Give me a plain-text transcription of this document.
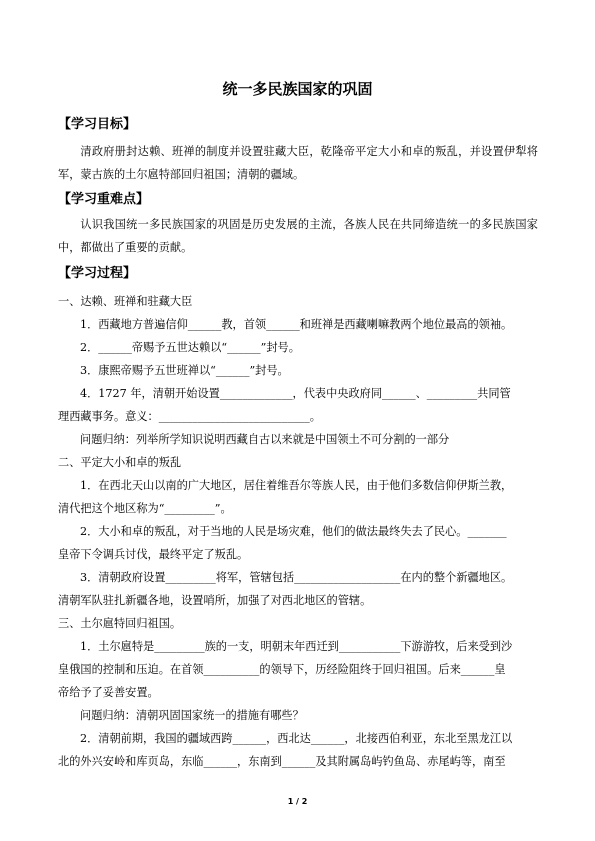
统一多民族国家的巩固
【学习目标】
清政府册封达赖、班禅的制度并设置驻藏大臣，乾隆帝平定大小和卓的叛乱，并设置伊犁将军，蒙古族的土尔扈特部回归祖国；清朝的疆域。
【学习重难点】
认识我国统一多民族国家的巩固是历史发展的主流，各族人民在共同缔造统一的多民族国家中，都做出了重要的贡献。
【学习过程】
一、达赖、班禅和驻藏大臣
1．西藏地方普遍信仰______教，首领______和班禅是西藏喇嘛教两个地位最高的领袖。
2．______帝赐予五世达赖以“______”封号。
3．康熙帝赐予五世班禅以“______”封号。
4．1727 年，清朝开始设置_____________，代表中央政府同______、_________共同管
理西藏事务。意义：___________________________。
问题归纳：列举所学知识说明西藏自古以来就是中国领土不可分割的一部分
二、平定大小和卓的叛乱
1．在西北天山以南的广大地区，居住着维吾尔等族人民，由于他们多数信仰伊斯兰教，
清代把这个地区称为“_________”。
2．大小和卓的叛乱，对于当地的人民是场灾难，他们的做法最终失去了民心。_______
皇帝下令调兵讨伐，最终平定了叛乱。
3．清朝政府设置_________将军，管辖包括___________________在内的整个新疆地区。
清朝军队驻扎新疆各地，设置哨所，加强了对西北地区的管辖。
三、土尔扈特回归祖国。
1．土尔扈特是_________族的一支，明朝末年西迁到___________下游游牧，后来受到沙
皇俄国的控制和压迫。在首领__________的领导下，历经险阻终于回归祖国。后来______皇
帝给予了妥善安置。
问题归纳：清朝巩固国家统一的措施有哪些？
2．清朝前期，我国的疆域西跨______，西北达______，北接西伯利亚，东北至黑龙江以
北的外兴安岭和库页岛，东临______，东南到______及其附属岛屿钓鱼岛、赤尾屿等，南至
1 / 2
